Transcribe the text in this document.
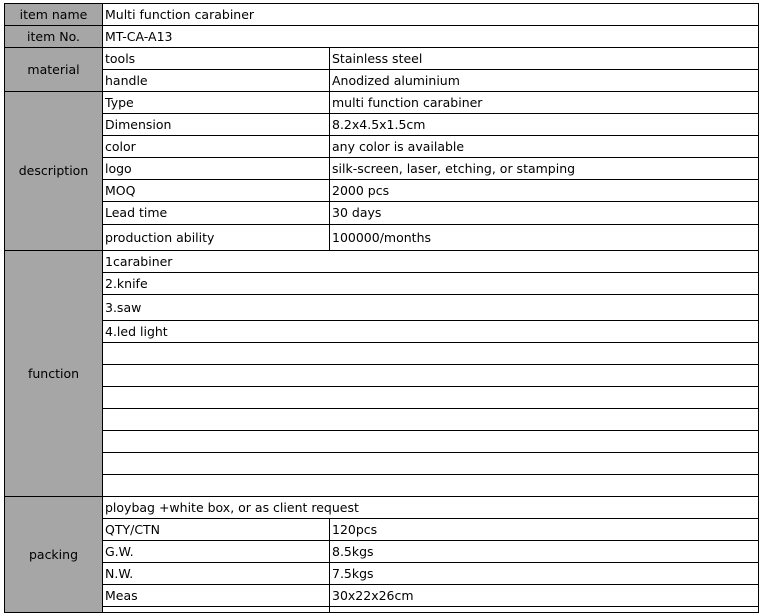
item name	Multi function carabiner	
item No.	MT-CA-A13	
material	tools	Stainless steel
	handle	Anodized aluminium
description	Type	multi function carabiner
	Dimension	8.2x4.5x1.5cm
	color	any color is available
	logo	silk-screen, laser, etching, or stamping
	MOQ	2000 pcs
	Lead time	30 days
	production ability	100000/months
function	1carabiner	
	2.knife	
	3.saw	
	4.led light	

packing	ploybag +white box, or as client request	
	QTY/CTN	120pcs
	G.W.	8.5kgs
	N.W.	7.5kgs
	Meas	30x22x26cm
